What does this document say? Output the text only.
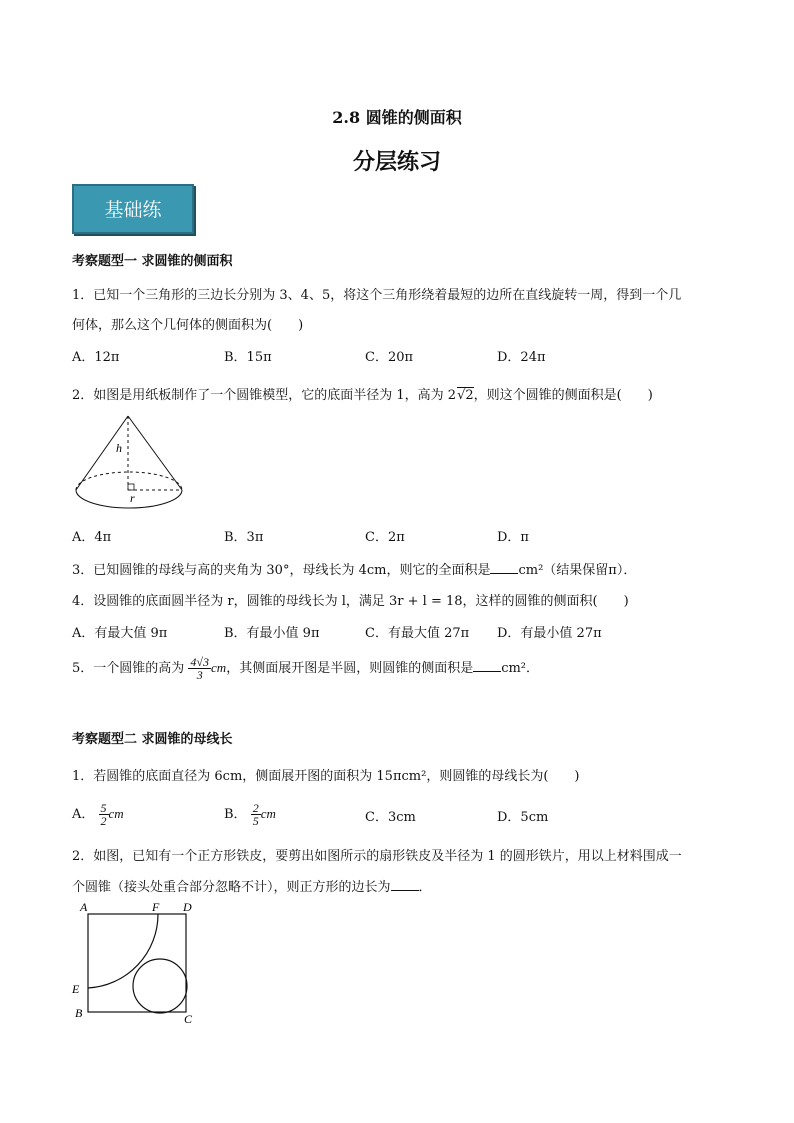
2.8 圆锥的侧面积
分层练习
基础练
考察题型一 求圆锥的侧面积
1．已知一个三角形的三边长分别为 3、4、5，将这个三角形绕着最短的边所在直线旋转一周，得到一个几
何体，那么这个几何体的侧面积为(　　)
A．12π	B．15π	C．20π	D．24π
2．如图是用纸板制作了一个圆锥模型，它的底面半径为 1，高为 2√2，则这个圆锥的侧面积是(　　)
h
r
A．4π	B．3π	C．2π	D．π
3．已知圆锥的母线与高的夹角为 30°，母线长为 4cm，则它的全面积是 cm²（结果保留π）．
4．设圆锥的底面圆半径为 r，圆锥的母线长为 l，满足 3r + l = 18，这样的圆锥的侧面积(　　)
A．有最大值 9π	B．有最小值 9π	C．有最大值 27π D．有最小值 27π
5．一个圆锥的高为 $\frac{4√3}{3}$ cm，其侧面展开图是半圆，则圆锥的侧面积是 cm²．
考察题型二 求圆锥的母线长
1．若圆锥的底面直径为 6cm，侧面展开图的面积为 15πcm²，则圆锥的母线长为(　　)
A． $\frac{5}{2}$ cm	B． $\frac{2}{5}$ cm	C．3cm	D．5cm
2．如图，已知有一个正方形铁皮，要剪出如图所示的扇形铁皮及半径为 1 的圆形铁片，用以上材料围成一
个圆锥（接头处重合部分忽略不计），则正方形的边长为 ．
A	F D
E
B	C
